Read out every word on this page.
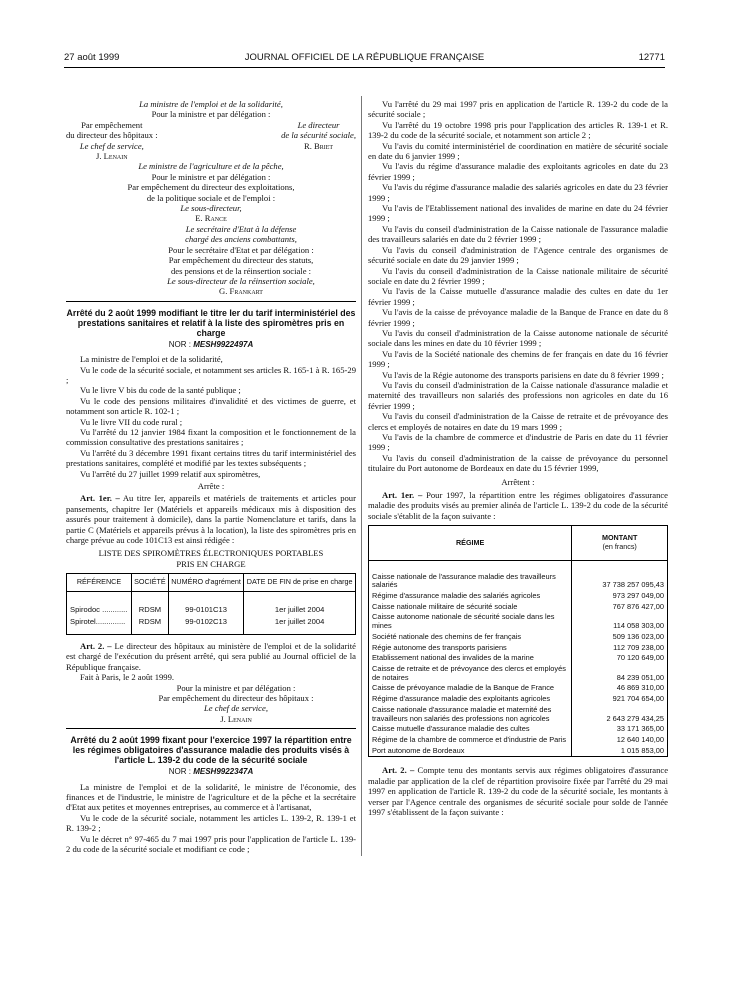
27 août 1999	JOURNAL OFFICIEL DE LA RÉPUBLIQUE FRANÇAISE	12771

La ministre de l'emploi et de la solidarité,

Pour la ministre et par délégation :

Par empêchement
du directeur des hôpitaux :
Le chef de service,
J. Lenain
Le directeur
de la sécurité sociale,
R. Briet

Le ministre de l'agriculture et de la pêche,

Pour le ministre et par délégation :

Par empêchement du directeur des exploitations,

de la politique sociale et de l'emploi :

Le sous-directeur,

E. Rance

Le secrétaire d'Etat à la défense

chargé des anciens combattants,

Pour le secrétaire d'Etat et par délégation :

Par empêchement du directeur des statuts,

des pensions et de la réinsertion sociale :

Le sous-directeur de la réinsertion sociale,

G. Frankart

Arrêté du 2 août 1999 modifiant le titre Ier du tarif interministériel des prestations sanitaires et relatif à la liste des spiromètres pris en charge
NOR : MESH9922497A

La ministre de l'emploi et de la solidarité,

Vu le code de la sécurité sociale, et notamment ses articles R. 165-1 à R. 165-29 ;

Vu le livre V bis du code de la santé publique ;

Vu le code des pensions militaires d'invalidité et des victimes de guerre, et notamment son article R. 102-1 ;

Vu le livre VII du code rural ;

Vu l'arrêté du 12 janvier 1984 fixant la composition et le fonctionnement de la commission consultative des prestations sanitaires ;

Vu l'arrêté du 3 décembre 1991 fixant certains titres du tarif interministériel des prestations sanitaires, complété et modifié par les textes subséquents ;

Vu l'arrêté du 27 juillet 1999 relatif aux spiromètres,

Arrête :

Art. 1er. – Au titre Ier, appareils et matériels de traitements et articles pour pansements, chapitre Ier (Matériels et appareils médicaux mis à disposition des assurés pour traitement à domicile), dans la partie Nomenclature et tarifs, dans la partie C (Matériels et appareils prévus à la location), la liste des spiromètres pris en charge prévue au code 101C13 est ainsi rédigée :

LISTE DES SPIROMÈTRES ÉLECTRONIQUES PORTABLES

PRIS EN CHARGE

RÉFÉRENCE	SOCIÉTÉ	NUMÉRO d'agrément	DATE DE FIN de prise en charge

Spirodoc ............	RDSM	99-0101C13	1er juillet 2004
Spirotel..............	RDSM	99-0102C13	1er juillet 2004

Art. 2. – Le directeur des hôpitaux au ministère de l'emploi et de la solidarité est chargé de l'exécution du présent arrêté, qui sera publié au Journal officiel de la République française.

Fait à Paris, le 2 août 1999.

Pour la ministre et par délégation :

Par empêchement du directeur des hôpitaux :

Le chef de service,

J. Lenain

Arrêté du 2 août 1999 fixant pour l'exercice 1997 la répartition entre les régimes obligatoires d'assurance maladie des produits visés à l'article L. 139-2 du code de la sécurité sociale
NOR : MESH9922347A

La ministre de l'emploi et de la solidarité, le ministre de l'économie, des finances et de l'industrie, le ministre de l'agriculture et de la pêche et la secrétaire d'Etat aux petites et moyennes entreprises, au commerce et à l'artisanat,

Vu le code de la sécurité sociale, notamment les articles L. 139-2, R. 139-1 et R. 139-2 ;

Vu le décret n° 97-465 du 7 mai 1997 pris pour l'application de l'article L. 139-2 du code de la sécurité sociale et modifiant ce code ;

Vu l'arrêté du 29 mai 1997 pris en application de l'article R. 139-2 du code de la sécurité sociale ;

Vu l'arrêté du 19 octobre 1998 pris pour l'application des articles R. 139-1 et R. 139-2 du code de la sécurité sociale, et notamment son article 2 ;

Vu l'avis du comité interministériel de coordination en matière de sécurité sociale en date du 6 janvier 1999 ;

Vu l'avis du régime d'assurance maladie des exploitants agricoles en date du 23 février 1999 ;

Vu l'avis du régime d'assurance maladie des salariés agricoles en date du 23 février 1999 ;

Vu l'avis de l'Etablissement national des invalides de marine en date du 24 février 1999 ;

Vu l'avis du conseil d'administration de la Caisse nationale de l'assurance maladie des travailleurs salariés en date du 2 février 1999 ;

Vu l'avis du conseil d'administration de l'Agence centrale des organismes de sécurité sociale en date du 29 janvier 1999 ;

Vu l'avis du conseil d'administration de la Caisse nationale militaire de sécurité sociale en date du 2 février 1999 ;

Vu l'avis de la Caisse mutuelle d'assurance maladie des cultes en date du 1er février 1999 ;

Vu l'avis de la caisse de prévoyance maladie de la Banque de France en date du 8 février 1999 ;

Vu l'avis du conseil d'administration de la Caisse autonome nationale de sécurité sociale dans les mines en date du 10 février 1999 ;

Vu l'avis de la Société nationale des chemins de fer français en date du 16 février 1999 ;

Vu l'avis de la Régie autonome des transports parisiens en date du 8 février 1999 ;

Vu l'avis du conseil d'administration de la Caisse nationale d'assurance maladie et maternité des travailleurs non salariés des professions non agricoles en date du 16 février 1999 ;

Vu l'avis du conseil d'administration de la Caisse de retraite et de prévoyance des clercs et employés de notaires en date du 19 mars 1999 ;

Vu l'avis de la chambre de commerce et d'industrie de Paris en date du 11 février 1999 ;

Vu l'avis du conseil d'administration de la caisse de prévoyance du personnel titulaire du Port autonome de Bordeaux en date du 15 février 1999,

Arrêtent :

Art. 1er. – Pour 1997, la répartition entre les régimes obligatoires d'assurance maladie des produits visés au premier alinéa de l'article L. 139-2 du code de la sécurité sociale s'établit de la façon suivante :

RÉGIME	MONTANT
(en francs)

Caisse nationale de l'assurance maladie des travailleurs salariés	37 738 257 095,43
Régime d'assurance maladie des salariés agricoles	973 297 049,00
Caisse nationale militaire de sécurité sociale	767 876 427,00
Caisse autonome nationale de sécurité sociale dans les mines	114 058 303,00
Société nationale des chemins de fer français	509 136 023,00
Régie autonome des transports parisiens	112 709 238,00
Etablissement national des invalides de la marine	70 120 649,00
Caisse de retraite et de prévoyance des clercs et employés de notaires	84 239 051,00
Caisse de prévoyance maladie de la Banque de France	46 869 310,00
Régime d'assurance maladie des exploitants agricoles	921 704 654,00
Caisse nationale d'assurance maladie et maternité des travailleurs non salariés des professions non agricoles	2 643 279 434,25
Caisse mutuelle d'assurance maladie des cultes	33 171 365,00
Régime de la chambre de commerce et d'industrie de Paris	12 640 140,00
Port autonome de Bordeaux	1 015 853,00

Art. 2. – Compte tenu des montants servis aux régimes obligatoires d'assurance maladie par application de la clef de répartition provisoire fixée par l'arrêté du 29 mai 1997 en application de l'article R. 139-2 du code de la sécurité sociale, les montants à verser par l'Agence centrale des organismes de sécurité sociale pour solde de l'année 1997 s'établissent de la façon suivante :
